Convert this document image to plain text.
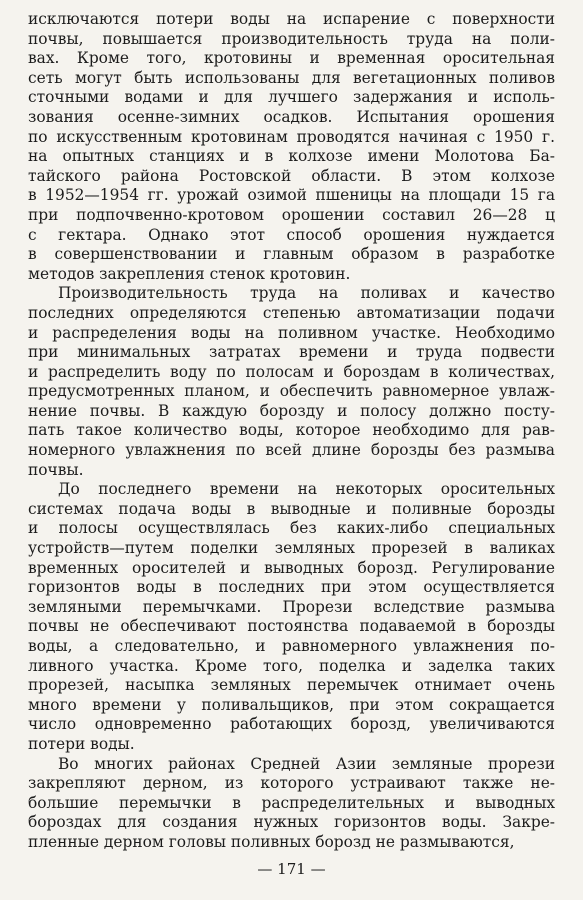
исключаются потери воды на испарение с поверхности

почвы, повышается производительность труда на поли-

вах. Кроме того, кротовины и временная оросительная

сеть могут быть использованы для вегетационных поливов

сточными водами и для лучшего задержания и исполь-

зования осенне-зимних осадков. Испытания орошения

по искусственным кротовинам проводятся начиная с 1950 г.

на опытных станциях и в колхозе имени Молотова Ба-

тайского района Ростовской области. В этом колхозе

в 1952—1954 гг. урожай озимой пшеницы на площади 15 га

при подпочвенно-кротовом орошении составил 26—28 ц

с гектара. Однако этот способ орошения нуждается

в совершенствовании и главным образом в разработке

методов закрепления стенок кротовин.

Производительность труда на поливах и качество

последних определяются степенью автоматизации подачи

и распределения воды на поливном участке. Необходимо

при минимальных затратах времени и труда подвести

и распределить воду по полосам и бороздам в количествах,

предусмотренных планом, и обеспечить равномерное увлаж-

нение почвы. В каждую борозду и полосу должно посту-

пать такое количество воды, которое необходимо для рав-

номерного увлажнения по всей длине борозды без размыва

почвы.

До последнего времени на некоторых оросительных

системах подача воды в выводные и поливные борозды

и полосы осуществлялась без каких-либо специальных

устройств—путем поделки земляных прорезей в валиках

временных оросителей и выводных борозд. Регулирование

горизонтов воды в последних при этом осуществляется

земляными перемычками. Прорези вследствие размыва

почвы не обеспечивают постоянства подаваемой в борозды

воды, а следовательно, и равномерного увлажнения по-

ливного участка. Кроме того, поделка и заделка таких

прорезей, насыпка земляных перемычек отнимает очень

много времени у поливальщиков, при этом сокращается

число одновременно работающих борозд, увеличиваются

потери воды.

Во многих районах Средней Азии земляные прорези

закрепляют дерном, из которого устраивают также не-

большие перемычки в распределительных и выводных

бороздах для создания нужных горизонтов воды. Закре-

пленные дерном головы поливных борозд не размываются,

— 171 —
